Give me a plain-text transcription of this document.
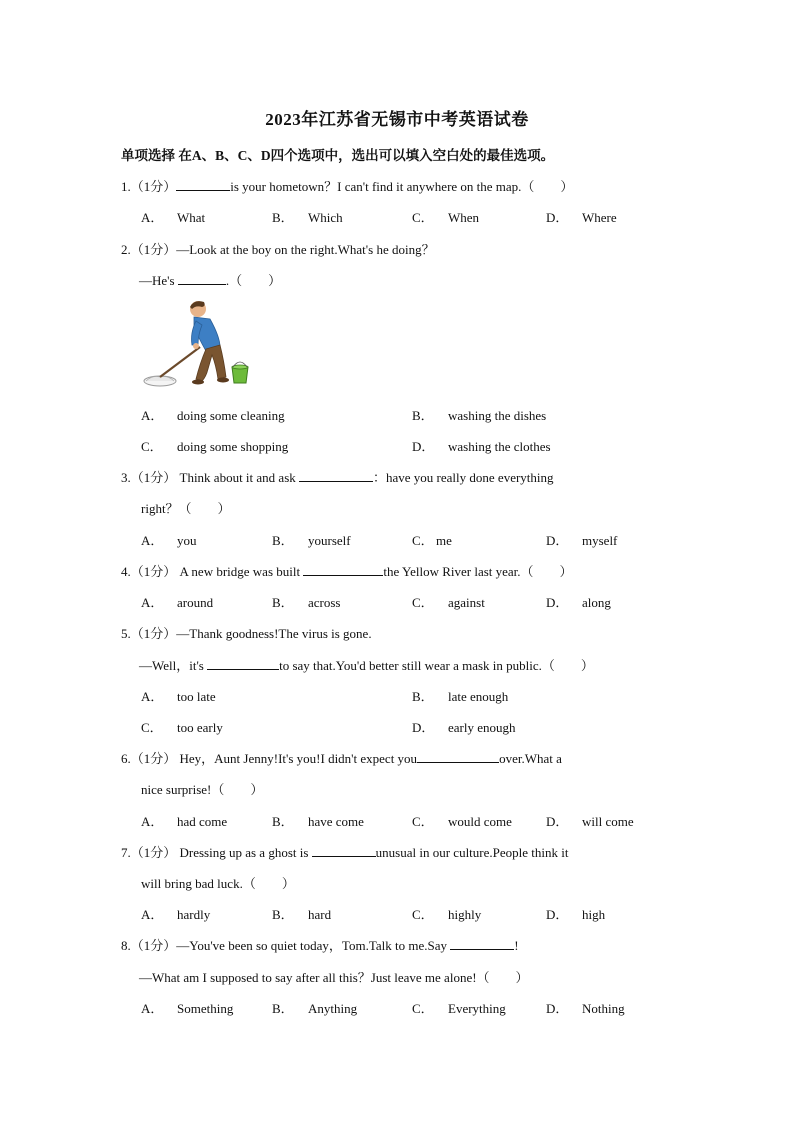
2023年江苏省无锡市中考英语试卷
单项选择 在A、B、C、D四个选项中，选出可以填入空白处的最佳选项。
1.（1分）	is your hometown？I can't find it anywhere on the map.（　　）
A． What	B． Which	C． When	D． Where
2.（1分）—Look at the boy on the right.What's he doing？
—He's	.（　　）
A． doing some cleaning	B． washing the dishes
C． doing some shopping	D． washing the clothes
3.（1分） Think about it and ask	：have you really done everything
right？（　　）
A． you	B． yourself	C． me	D． myself
4.（1分） A new bridge was built	the Yellow River last year.（　　）
A． around	B． across	C． against	D． along
5.（1分）—Thank goodness!The virus is gone.
—Well，it's	to say that.You'd better still wear a mask in public.（　　）
A． too late	B． late enough
C． too early	D． early enough
6.（1分） Hey，Aunt Jenny!It's you!I didn't expect you	over.What a
nice surprise!（　　）
A． had come	B． have come	C． would come	D． will come
7.（1分） Dressing up as a ghost is	unusual in our culture.People think it
will bring bad luck.（　　）
A． hardly	B． hard	C． highly	D． high
8.（1分）—You've been so quiet today，Tom.Talk to me.Say	!
—What am I supposed to say after all this？Just leave me alone!（　　）
A． Something	B． Anything	C． Everything	D． Nothing
